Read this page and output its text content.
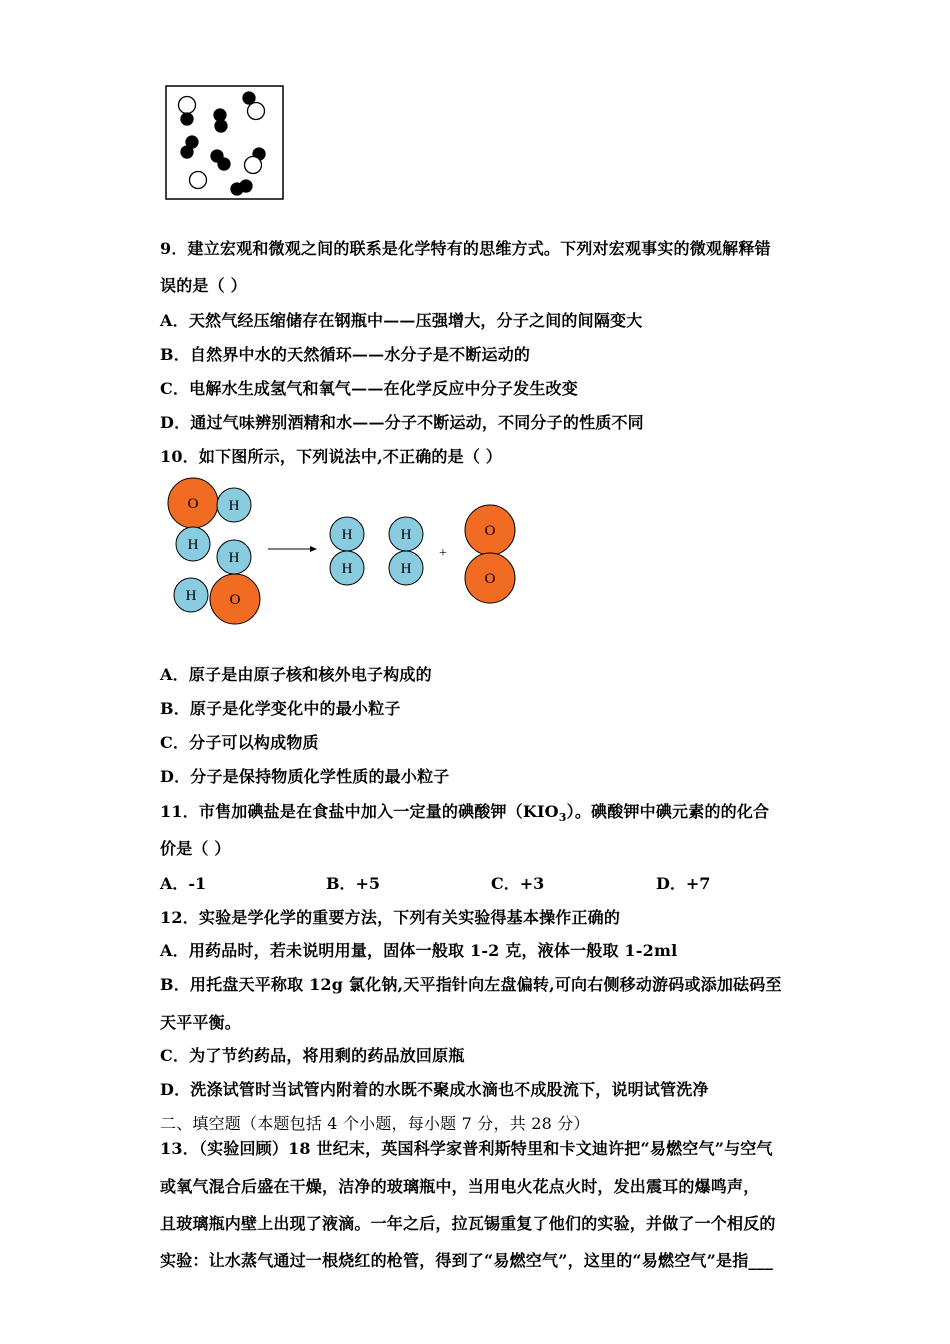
9．建立宏观和微观之间的联系是化学特有的思维方式。下列对宏观事实的微观解释错
误的是（ ）
A．天然气经压缩储存在钢瓶中——压强增大，分子之间的间隔变大
B．自然界中水的天然循环——水分子是不断运动的
C．电解水生成氢气和氧气——在化学反应中分子发生改变
D．通过气味辨别酒精和水——分子不断运动，不同分子的性质不同
10．如下图所示，下列说法中,不正确的是（ ）
O H
H
H
H O
H
H
H
H
O
O
+
A．原子是由原子核和核外电子构成的
B．原子是化学变化中的最小粒子
C．分子可以构成物质
D．分子是保持物质化学性质的最小粒子
11．市售加碘盐是在食盐中加入一定量的碘酸钾$(KIO_3)$。碘酸钾中碘元素的的化合
价是（ ）
A．-1	B．+5	C．+3	D．+7
12．实验是学化学的重要方法，下列有关实验得基本操作正确的
A．用药品时，若未说明用量，固体一般取 1-2 克，液体一般取 1-2ml
B．用托盘天平称取 12g 氯化钠,天平指针向左盘偏转,可向右侧移动游码或添加砝码至
天平平衡。
C．为了节约药品，将用剩的药品放回原瓶
D．洗涤试管时当试管内附着的水既不聚成水滴也不成股流下，说明试管洗净
二、填空题（本题包括 4 个小题，每小题 7 分，共 28 分）
13．（实验回顾）18 世纪末，英国科学家普利斯特里和卡文迪许把“易燃空气”与空气
或氧气混合后盛在干燥，洁净的玻璃瓶中，当用电火花点火时，发出震耳的爆鸣声，
且玻璃瓶内壁上出现了液滴。一年之后，拉瓦锡重复了他们的实验，并做了一个相反的
实验：让水蒸气通过一根烧红的枪管，得到了“易燃空气”，这里的“易燃空气”是指___
